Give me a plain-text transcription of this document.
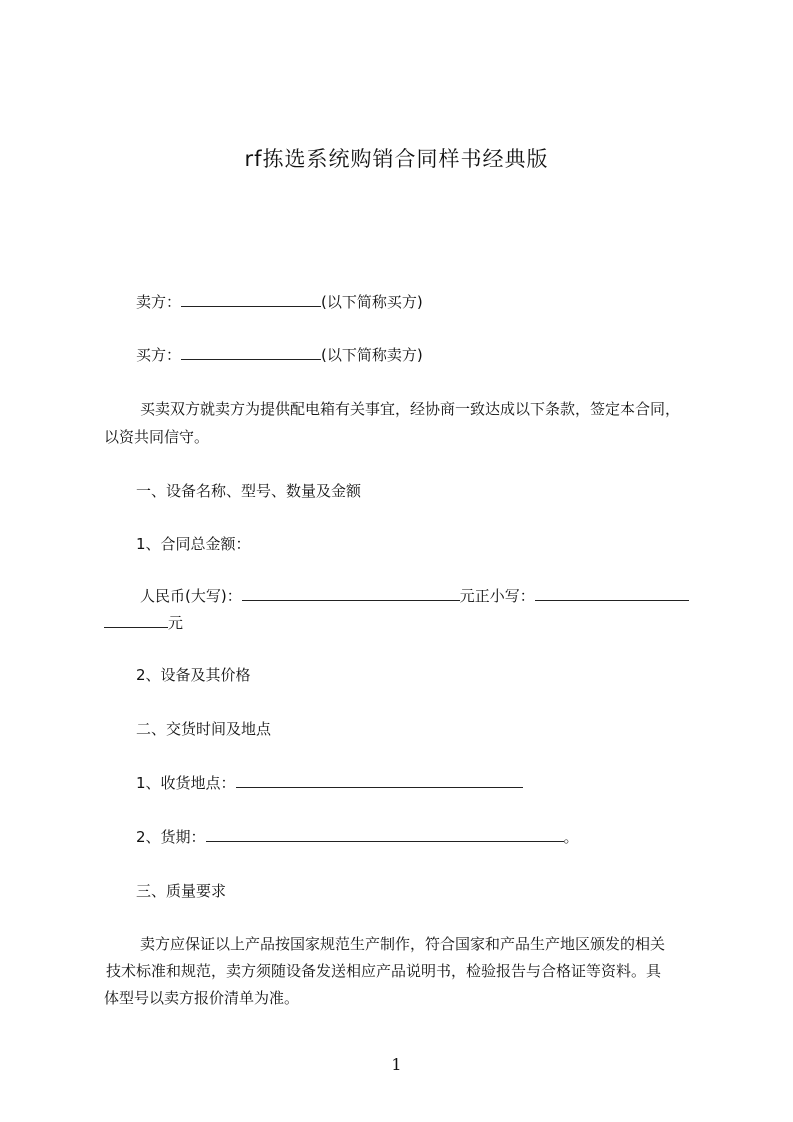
rf拣选系统购销合同样书经典版
卖方：	(以下简称买方)
买方：	(以下简称卖方)
买卖双方就卖方为提供配电箱有关事宜，经协商一致达成以下条款，签定本合同，
以资共同信守。
一、设备名称、型号、数量及金额
1、合同总金额：
人民币(大写)：	元正小写：
元
2、设备及其价格
二、交货时间及地点
1、收货地点：
2、货期：	。
三、质量要求
卖方应保证以上产品按国家规范生产制作，符合国家和产品生产地区颁发的相关
技术标准和规范，卖方须随设备发送相应产品说明书，检验报告与合格证等资料。具
体型号以卖方报价清单为准。
1
